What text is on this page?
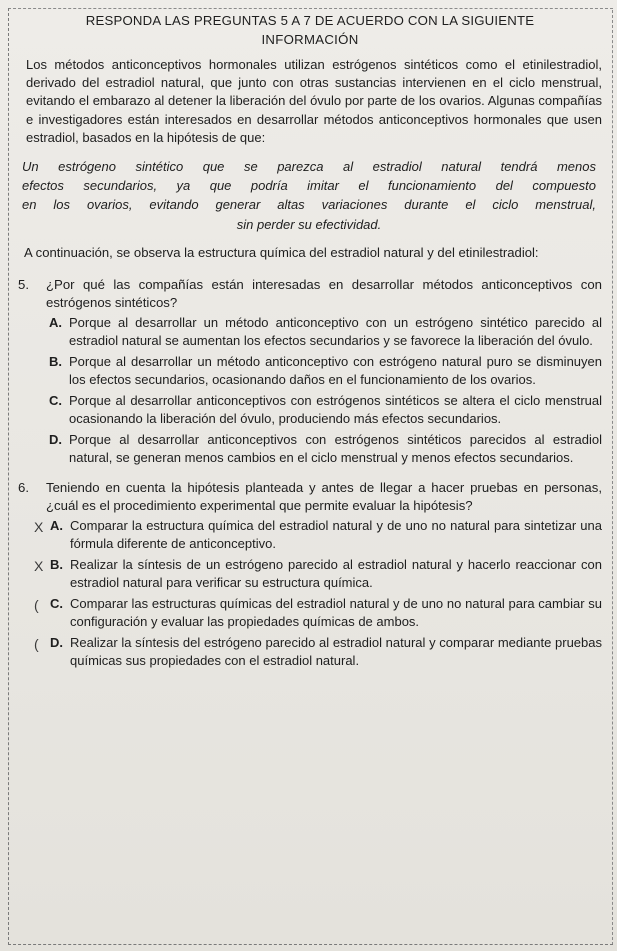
RESPONDA LAS PREGUNTAS 5 A 7 DE ACUERDO CON LA SIGUIENTE

INFORMACIÓN

Los métodos anticonceptivos hormonales utilizan estrógenos sintéticos como el etinilestradiol, derivado del estradiol natural, que junto con otras sustancias intervienen en el ciclo menstrual, evitando el embarazo al detener la liberación del óvulo por parte de los ovarios. Algunas compañías e investigadores están interesados en desarrollar métodos anticonceptivos hormonales que usen estradiol, basados en la hipótesis de que:

Un estrógeno sintético que se parezca al estradiol natural tendrá menos
efectos secundarios, ya que podría imitar el funcionamiento del compuesto
en los ovarios, evitando generar altas variaciones durante el ciclo menstrual,
sin perder su efectividad.

A continuación, se observa la estructura química del estradiol natural y del etinilestradiol:

5. ¿Por qué las compañías están interesadas en desarrollar métodos anticonceptivos con estrógenos sintéticos?
A. Porque al desarrollar un método anticonceptivo con un estrógeno sintético parecido al estradiol natural se aumentan los efectos secundarios y se favorece la liberación del óvulo.
B. Porque al desarrollar un método anticonceptivo con estrógeno natural puro se disminuyen los efectos secundarios, ocasionando daños en el funcionamiento de los ovarios.
C. Porque al desarrollar anticonceptivos con estrógenos sintéticos se altera el ciclo menstrual ocasionando la liberación del óvulo, produciendo más efectos secundarios.
D. Porque al desarrollar anticonceptivos con estrógenos sintéticos parecidos al estradiol natural, se generan menos cambios en el ciclo menstrual y menos efectos secundarios.
6. Teniendo en cuenta la hipótesis planteada y antes de llegar a hacer pruebas en personas, ¿cuál es el procedimiento experimental que permite evaluar la hipótesis?
X A. Comparar la estructura química del estradiol natural y de uno no natural para sintetizar una fórmula diferente de anticonceptivo.
X B. Realizar la síntesis de un estrógeno parecido al estradiol natural y hacerlo reaccionar con estradiol natural para verificar su estructura química.
( C. Comparar las estructuras químicas del estradiol natural y de uno no natural para cambiar su configuración y evaluar las propiedades químicas de ambos.
( D. Realizar la síntesis del estrógeno parecido al estradiol natural y comparar mediante pruebas químicas sus propiedades con el estradiol natural.
